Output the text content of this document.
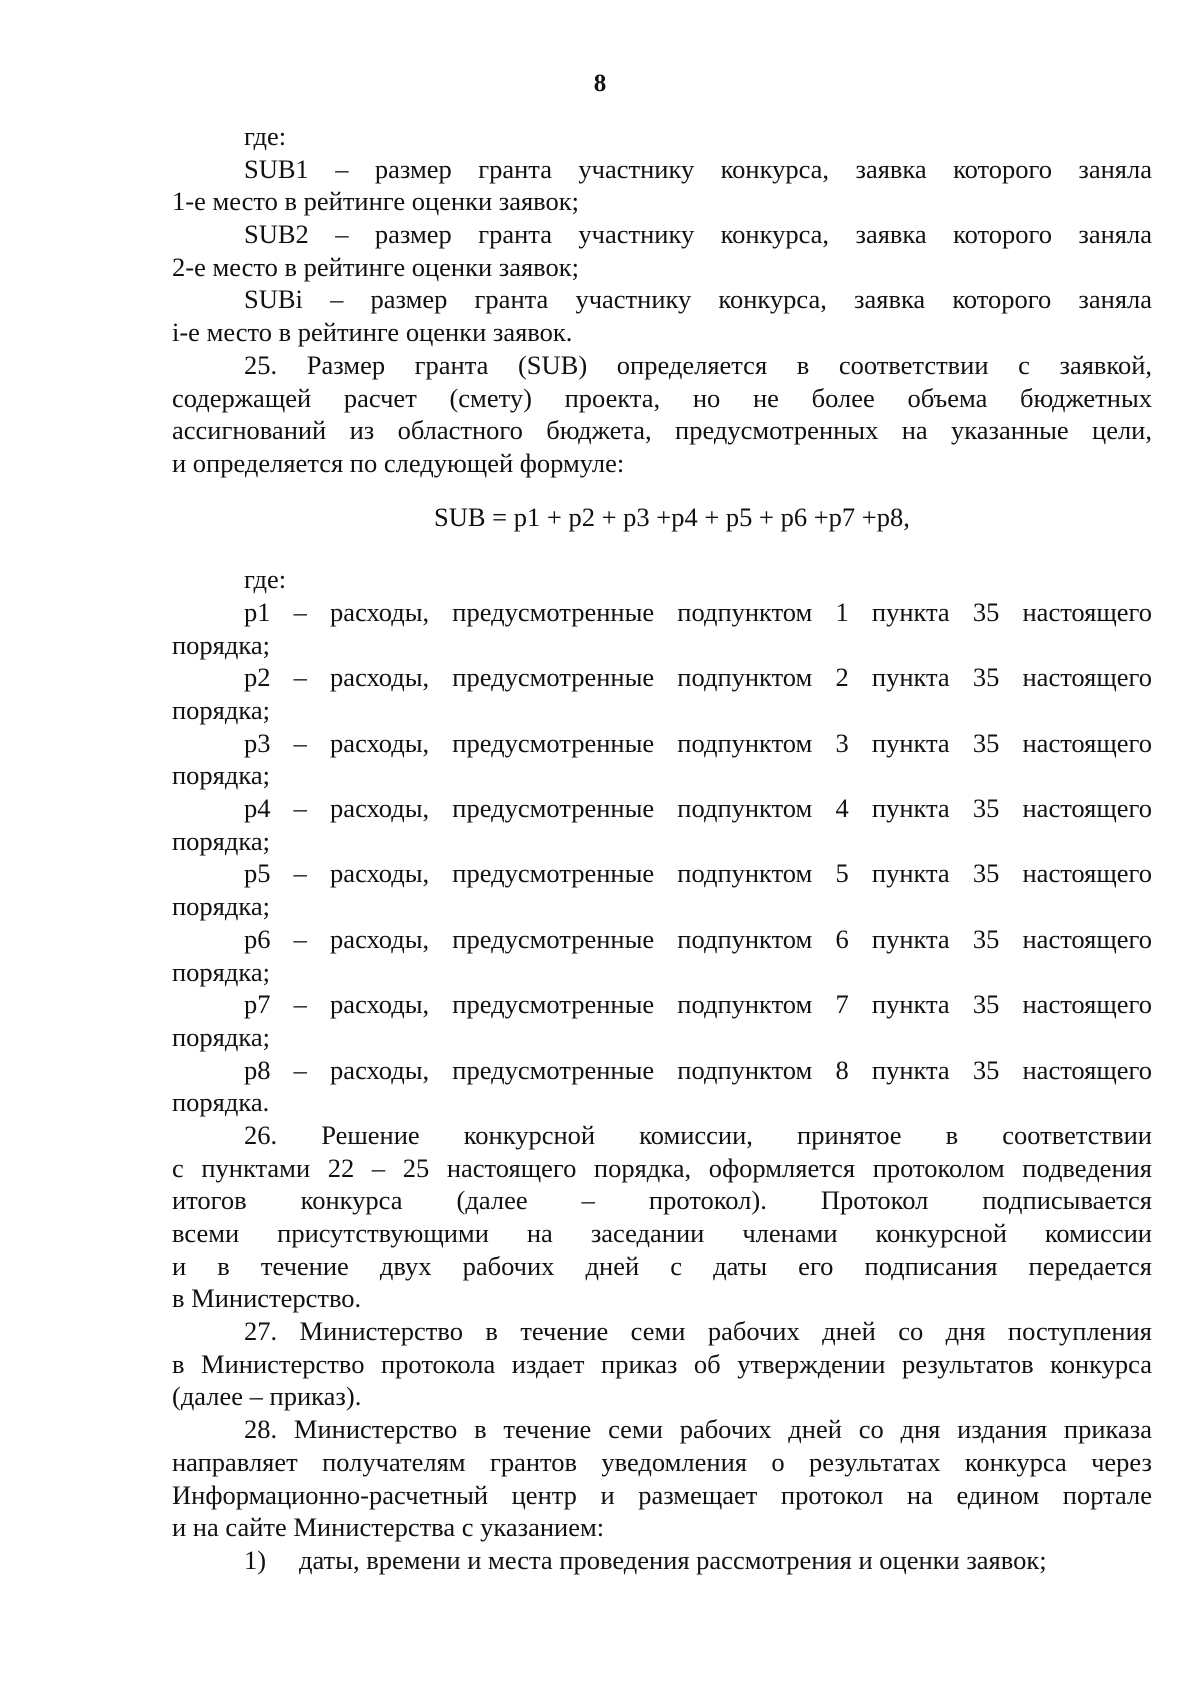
8
где:
SUB1 – размер гранта участнику конкурса, заявка которого заняла
1-е место в рейтинге оценки заявок;
SUB2 – размер гранта участнику конкурса, заявка которого заняла
2-е место в рейтинге оценки заявок;
SUBi – размер гранта участнику конкурса, заявка которого заняла
i-е место в рейтинге оценки заявок.
25. Размер гранта (SUB) определяется в соответствии с заявкой,
содержащей расчет (смету) проекта, но не более объема бюджетных
ассигнований из областного бюджета, предусмотренных на указанные цели,
и определяется по следующей формуле:
SUB = p1 + p2 + p3 +p4 + p5 + p6 +p7 +p8,
где:
p1 – расходы, предусмотренные подпунктом 1 пункта 35 настоящего
порядка;
p2 – расходы, предусмотренные подпунктом 2 пункта 35 настоящего
порядка;
p3 – расходы, предусмотренные подпунктом 3 пункта 35 настоящего
порядка;
p4 – расходы, предусмотренные подпунктом 4 пункта 35 настоящего
порядка;
p5 – расходы, предусмотренные подпунктом 5 пункта 35 настоящего
порядка;
p6 – расходы, предусмотренные подпунктом 6 пункта 35 настоящего
порядка;
p7 – расходы, предусмотренные подпунктом 7 пункта 35 настоящего
порядка;
p8 – расходы, предусмотренные подпунктом 8 пункта 35 настоящего
порядка.
26. Решение конкурсной комиссии, принятое в соответствии
с пунктами 22 – 25 настоящего порядка, оформляется протоколом подведения
итогов конкурса (далее – протокол). Протокол подписывается
всеми присутствующими на заседании членами конкурсной комиссии
и в течение двух рабочих дней с даты его подписания передается
в Министерство.
27. Министерство в течение семи рабочих дней со дня поступления
в Министерство протокола издает приказ об утверждении результатов конкурса
(далее – приказ).
28. Министерство в течение семи рабочих дней со дня издания приказа
направляет получателям грантов уведомления о результатах конкурса через
Информационно-расчетный центр и размещает протокол на едином портале
и на сайте Министерства с указанием:
1) даты, времени и места проведения рассмотрения и оценки заявок;
